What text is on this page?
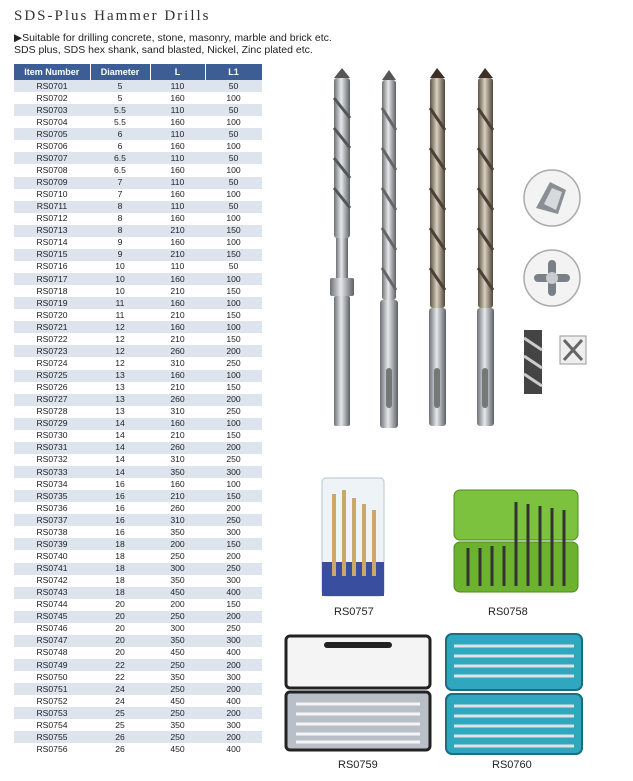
SDS-Plus Hammer Drills
▶Suitable for drilling concrete, stone, masonry, marble and brick etc.
SDS plus, SDS hex shank, sand blasted, Nickel, Zinc plated etc.
Item Number	Diameter	L	L1
RS0701	5	110	50
RS0702	5	160	100
RS0703	5.5	110	50
RS0704	5.5	160	100
RS0705	6	110	50
RS0706	6	160	100
RS0707	6.5	110	50
RS0708	6.5	160	100
RS0709	7	110	50
RS0710	7	160	100
RS0711	8	110	50
RS0712	8	160	100
RS0713	8	210	150
RS0714	9	160	100
RS0715	9	210	150
RS0716	10	110	50
RS0717	10	160	100
RS0718	10	210	150
RS0719	11	160	100
RS0720	11	210	150
RS0721	12	160	100
RS0722	12	210	150
RS0723	12	260	200
RS0724	12	310	250
RS0725	13	160	100
RS0726	13	210	150
RS0727	13	260	200
RS0728	13	310	250
RS0729	14	160	100
RS0730	14	210	150
RS0731	14	260	200
RS0732	14	310	250
RS0733	14	350	300
RS0734	16	160	100
RS0735	16	210	150
RS0736	16	260	200
RS0737	16	310	250
RS0738	16	350	300
RS0739	18	200	150
RS0740	18	250	200
RS0741	18	300	250
RS0742	18	350	300
RS0743	18	450	400
RS0744	20	200	150
RS0745	20	250	200
RS0746	20	300	250
RS0747	20	350	300
RS0748	20	450	400
RS0749	22	250	200
RS0750	22	350	300
RS0751	24	250	200
RS0752	24	450	400
RS0753	25	250	200
RS0754	25	350	300
RS0755	26	250	200
RS0756	26	450	400
RS0757	RS0758
RS0759	RS0760
